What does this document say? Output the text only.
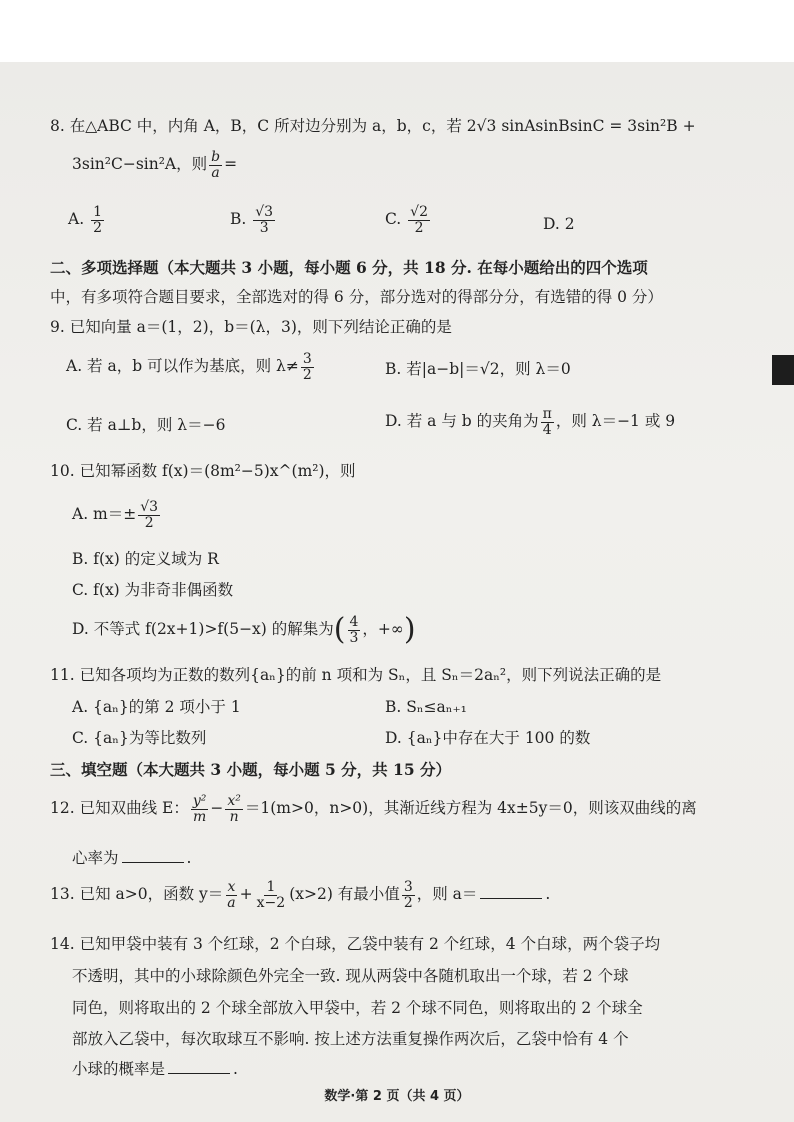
8. 在△ABC 中，内角 A，B，C 所对边分别为 a，b，c，若 2√3 sinAsinBsinC = 3sin²B +
3sin²C−sin²A，则 $\frac{b}{a}$ =
A. $\frac{1}{2}$	B. $\frac{√3}{3}$	C. $\frac{√2}{2}$	D. 2
二、多项选择题（本大题共 3 小题，每小题 6 分，共 18 分. 在每小题给出的四个选项
中，有多项符合题目要求，全部选对的得 6 分，部分选对的得部分分，有选错的得 0 分）
9. 已知向量 a＝(1，2)，b＝(λ，3)，则下列结论正确的是
A. 若 a，b 可以作为基底，则 $\lambda\ne \frac{3}{2}$	B. 若|a−b|＝√2，则 λ＝0
C. 若 a⊥b，则 λ＝−6	D. 若 a 与 b 的夹角为 $\frac{\pi}{4}$ ，则 λ＝−1 或 9
10. 已知幂函数 f(x)＝(8m²−5)x^(m²)，则
A. $m=\pm \frac{√3}{2}$
B. f(x) 的定义域为 R
C. f(x) 为非奇非偶函数
D. 不等式 f(2x+1)>f(5−x) 的解集为( $\frac{4}{3}$ ，+∞)
11. 已知各项均为正数的数列{aₙ}的前 n 项和为 Sₙ，且 Sₙ＝2aₙ²，则下列说法正确的是
A. {aₙ}的第 2 项小于 1	B. Sₙ≤aₙ₊₁
C. {aₙ}为等比数列	D. {aₙ}中存在大于 100 的数
三、填空题（本大题共 3 小题，每小题 5 分，共 15 分）
12. 已知双曲线 E： $\frac{\text{y²}}{m} - \frac{\text{x²}}{n} =1(m>0$，n>0)，其渐近线方程为 4x±5y＝0，则该双曲线的离
心率为	.
13. 已知 a>0，函数 $y= \frac{x}{a} + \frac{1}{x-2} (x>2)$ 有最小值 $\frac{3}{2}$ ，则 a＝	.
14. 已知甲袋中装有 3 个红球，2 个白球，乙袋中装有 2 个红球，4 个白球，两个袋子均
不透明，其中的小球除颜色外完全一致. 现从两袋中各随机取出一个球，若 2 个球
同色，则将取出的 2 个球全部放入甲袋中，若 2 个球不同色，则将取出的 2 个球全
部放入乙袋中，每次取球互不影响. 按上述方法重复操作两次后，乙袋中恰有 4 个
小球的概率是	.
数学·第 2 页（共 4 页）
